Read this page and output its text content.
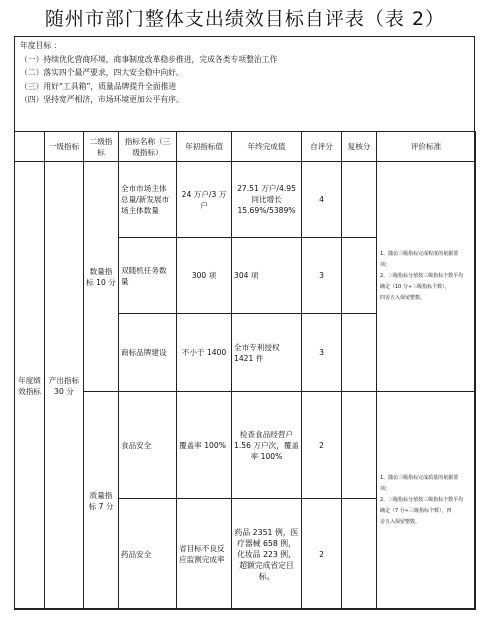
随州市部门整体支出绩效目标自评表（表 2）
年度目标 ：
（一）持续优化营商环境，商事制度改革稳步推进，完成各类专项整治工作
（二）落实四个最严要求，四大安全稳中向好。
（三）用好“工具箱”，质量品牌提升全面推进
（四）坚持宽严相济，市场环境更加公平有序。
	一级指标	二级指标	指标名称（三级指标）	年初指标值	年终完成值	自评分	复核分	评价标准
年度绩效指标	产出指标 30 分	数量指标 10 分	全市市场主体总量/新发展市场主体数量	24 万户/3 万户	27.51 万户/4.95 同比增长 15.69%/5389%	4		1、随访三级指标完成程度的依据要
项；
2、三级指标分值按三级指标个数平均
确定（10 分÷三级指标个数），
四舍五入保留整数。

			双随机任务数量	300 项	304 项	3		
			商标品牌建设	不小于 1400	全市专利授权 1421 件	3		
		质量指标 7 分	食品安全	覆盖率 100%	检查食品经营户 1.56 万户次，覆盖率 100%	2		1、随访三级指标完成质量的依据要
项；
2、三级指标分值按三级指标个数平均
确定（7 分÷三级指标个数），四
舍五入保留整数。

			药品安全	省目标不良反应监测完成率	药品 2351 例，医疗器械 658 例，化妆品 223 例，超额完成省定目标。	2		
